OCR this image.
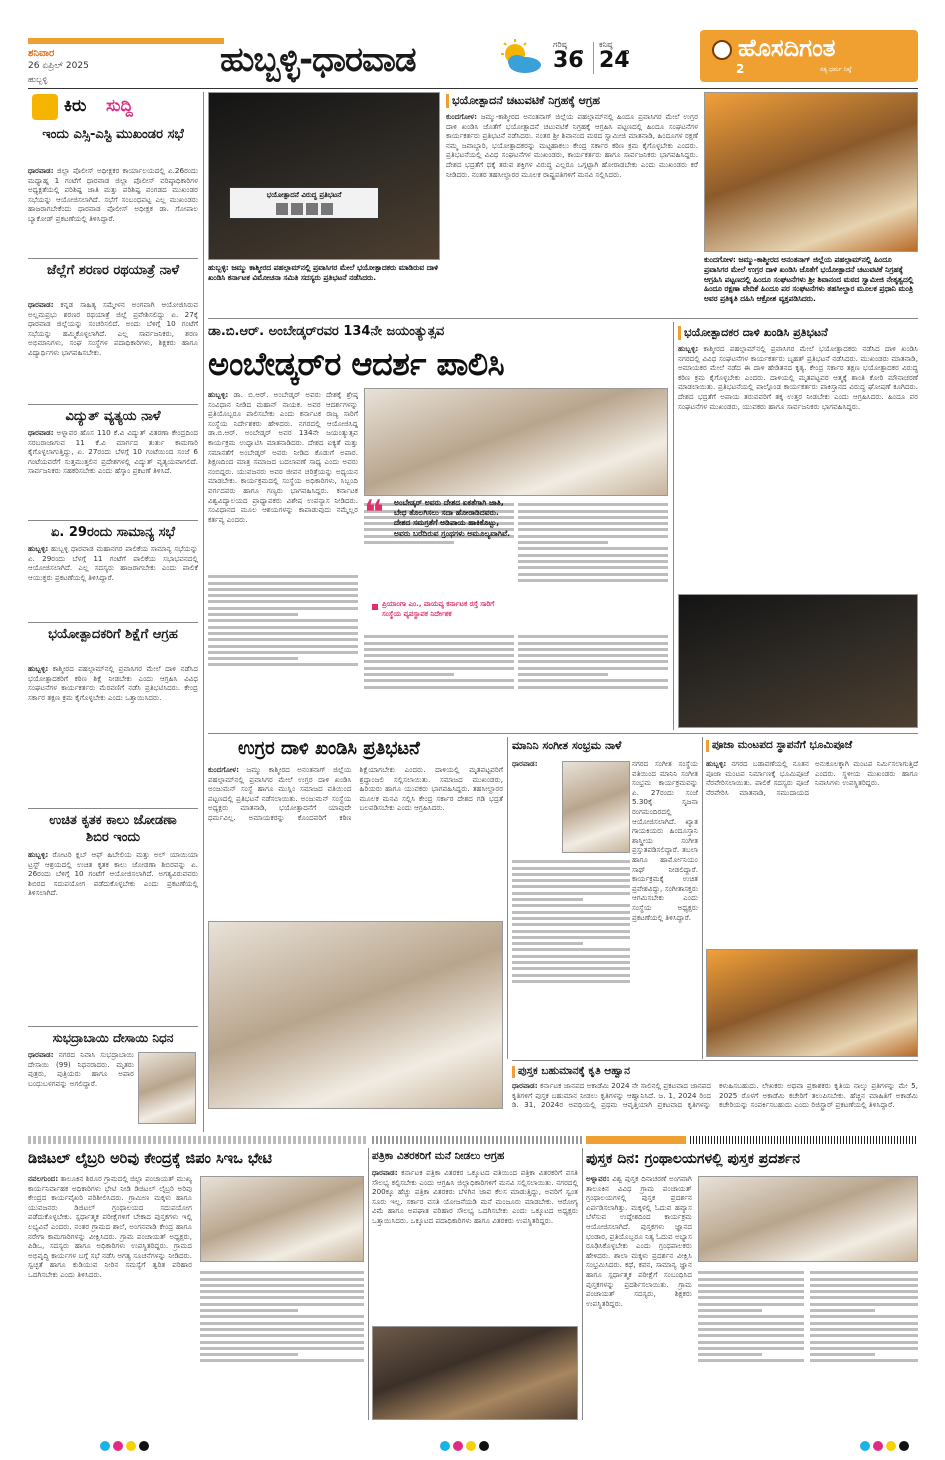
ಶನಿವಾರ
26 ಏಪ್ರಿಲ್ 2025
ಹುಬ್ಬಳ್ಳಿ	ಹುಬ್ಬಳ್ಳಿ-ಧಾರವಾಡ	ಗರಿಷ್ಠ
36
ಕನಿಷ್ಠ
24	ಹೊಸದಿಗಂತ
2	ಸತ್ಯ ಧರ್ಮ ನಿಷ್ಠೆ
ಕಿರು ಸುದ್ದಿ
ಇಂದು ಎಸ್ಸಿ-ಎಸ್ಟಿ ಮುಖಂಡರ ಸಭೆ
ಧಾರವಾಡ: ಜಿಲ್ಲಾ ಪೊಲೀಸ್ ಅಧೀಕ್ಷಕರ ಕಾರ್ಯಾಲಯದಲ್ಲಿ ಏ.26ರಂದು ಮಧ್ಯಾಹ್ನ 1 ಗಂಟೆಗೆ ಧಾರವಾಡ ಜಿಲ್ಲಾ ಪೊಲೀಸ್ ವರಿಷ್ಠಾಧಿಕಾರಿಗಳ ಅಧ್ಯಕ್ಷತೆಯಲ್ಲಿ ಪರಿಶಿಷ್ಟ ಜಾತಿ ಮತ್ತು ಪರಿಶಿಷ್ಟ ಪಂಗಡದ ಮುಖಂಡರ ಸಭೆಯನ್ನು ಆಯೋಜಿಸಲಾಗಿದೆ. ಸಭೆಗೆ ಸಂಬಂಧಪಟ್ಟ ಎಲ್ಲ ಮುಖಂಡರು ಹಾಜರಾಗಬೇಕೆಂದು ಧಾರವಾಡ ಪೊಲೀಸ್ ಅಧೀಕ್ಷಕ ಡಾ. ಗೋಪಾಲ ಬ್ಯಾಕೋಡ್ ಪ್ರಕಟಣೆಯಲ್ಲಿ ತಿಳಿಸಿದ್ದಾರೆ.
ಜೆಲ್ಲೆಗೆ ಶರಣರ ರಥಯಾತ್ರೆ ನಾಳೆ
ಧಾರವಾಡ: ಕನ್ನಡ ಸಾಹಿತ್ಯ ಸಮ್ಮೇಳನ ಅಂಗವಾಗಿ ಆಯೋಜಿಸಿರುವ ಅಲ್ಲಮಪ್ರಭು ಶರಣರ ರಥಯಾತ್ರೆ ಜಿಲ್ಲೆ ಪ್ರವೇಶಿಸಲಿದ್ದು ಏ. 27ಕ್ಕೆ ಧಾರವಾಡ ಜಿಲ್ಲೆಯನ್ನು ಸಂಚರಿಸಲಿದೆ. ಅಂದು ಬೆಳಿಗ್ಗೆ 10 ಗಂಟೆಗೆ ಸಭೆಯನ್ನು ಹಮ್ಮಿಕೊಳ್ಳಲಾಗಿದೆ. ಎಲ್ಲ ಸಾರ್ವಜನಿಕರು, ಶರಣ ಅಭಿಮಾನಿಗಳು, ಸಂಘ ಸಂಸ್ಥೆಗಳ ಪದಾಧಿಕಾರಿಗಳು, ಶಿಕ್ಷಕರು ಹಾಗೂ ವಿದ್ಯಾರ್ಥಿಗಳು ಭಾಗವಹಿಸಬೇಕು.
ವಿದ್ಯುತ್ ವ್ಯತ್ಯಯ ನಾಳೆ
ಧಾರವಾಡ: ಅಳ್ನಾವರ ಹೊಸ 110 ಕೆ.ವಿ ವಿದ್ಯುತ್ ವಿತರಣಾ ಕೇಂದ್ರದಿಂದ ಸರಬರಾಜಾಗುವ 11 ಕೆ.ವಿ ಮಾರ್ಗದ ತುರ್ತು ಕಾಮಗಾರಿ ಕೈಗೊಳ್ಳಲಾಗುತ್ತಿದ್ದು, ಏ. 27ರಂದು ಬೆಳಗ್ಗೆ 10 ಗಂಟೆಯಿಂದ ಸಂಜೆ 6 ಗಂಟೆಯವರೆಗೆ ಸುತ್ತಮುತ್ತಲಿನ ಪ್ರದೇಶಗಳಲ್ಲಿ ವಿದ್ಯುತ್ ವ್ಯತ್ಯಯವಾಗಲಿದೆ. ಸಾರ್ವಜನಿಕರು ಸಹಕರಿಸಬೇಕು ಎಂದು ಹೆಸ್ಕಾಂ ಪ್ರಕಟಣೆ ತಿಳಿಸಿದೆ.
ಏ. 29ರಂದು ಸಾಮಾನ್ಯ ಸಭೆ
ಹುಬ್ಬಳ್ಳಿ: ಹುಬ್ಬಳ್ಳಿ ಧಾರವಾಡ ಮಹಾನಗರ ಪಾಲಿಕೆಯ ಸಾಮಾನ್ಯ ಸಭೆಯನ್ನು ಏ. 29ರಂದು ಬೆಳಗ್ಗೆ 11 ಗಂಟೆಗೆ ಪಾಲಿಕೆಯ ಸಭಾಭವನದಲ್ಲಿ ಆಯೋಜಿಸಲಾಗಿದೆ. ಎಲ್ಲ ಸದಸ್ಯರು ಹಾಜರಾಗಬೇಕು ಎಂದು ಪಾಲಿಕೆ ಆಯುಕ್ತರು ಪ್ರಕಟಣೆಯಲ್ಲಿ ತಿಳಿಸಿದ್ದಾರೆ.
ಭಯೋತ್ಪಾದಕರಿಗೆ ಶಿಕ್ಷೆಗೆ ಆಗ್ರಹ
ಹುಬ್ಬಳ್ಳಿ: ಕಾಶ್ಮೀರದ ಪಹಲ್ಗಾಮ್‌ನಲ್ಲಿ ಪ್ರವಾಸಿಗರ ಮೇಲೆ ದಾಳಿ ನಡೆಸಿದ ಭಯೋತ್ಪಾದಕರಿಗೆ ಕಠಿಣ ಶಿಕ್ಷೆ ನೀಡಬೇಕು ಎಂದು ಆಗ್ರಹಿಸಿ ವಿವಿಧ ಸಂಘಟನೆಗಳ ಕಾರ್ಯಕರ್ತರು ಮೆರವಣಿಗೆ ನಡೆಸಿ ಪ್ರತಿಭಟಿಸಿದರು. ಕೇಂದ್ರ ಸರ್ಕಾರ ತಕ್ಷಣ ಕ್ರಮ ಕೈಗೊಳ್ಳಬೇಕು ಎಂದು ಒತ್ತಾಯಿಸಿದರು.
ಉಚಿತ ಕೃತಕ ಕಾಲು ಜೋಡಣಾ ಶಿಬಿರ ಇಂದು
ಹುಬ್ಬಳ್ಳಿ: ರೋಟರಿ ಕ್ಲಬ್ ಆಫ್ ಹಿಬೇಲಿಯ ಮತ್ತು ಅಲ್ ಯಾಯಿಯಾ ಟ್ರಸ್ಟ್ ಆಶ್ರಯದಲ್ಲಿ ಉಚಿತ ಕೃತಕ ಕಾಲು ಜೋಡಣಾ ಶಿಬಿರವನ್ನು ಏ. 26ರಂದು ಬೆಳಿಗ್ಗೆ 10 ಗಂಟೆಗೆ ಆಯೋಜಿಸಲಾಗಿದೆ. ಅಗತ್ಯವಿರುವವರು ಶಿಬಿರದ ಸದುಪಯೋಗ ಪಡೆದುಕೊಳ್ಳಬೇಕು ಎಂದು ಪ್ರಕಟಣೆಯಲ್ಲಿ ತಿಳಿಸಲಾಗಿದೆ.
ಸುಭದ್ರಾಬಾಯಿ ದೇಸಾಯಿ ನಿಧನ
ಧಾರವಾಡ: ನಗರದ ನಿವಾಸಿ ಸುಭದ್ರಾಬಾಯಿ ದೇಸಾಯಿ (99) ನಿಧನರಾದರು. ಮೃತರು ಪುತ್ರರು, ಪುತ್ರಿಯರು ಹಾಗೂ ಅಪಾರ ಬಂಧುಬಳಗವನ್ನು ಅಗಲಿದ್ದಾರೆ.
ಭಯೋತ್ಪಾದನೆ ವಿರುದ್ಧ ಪ್ರತಿಭಟನೆ
ಹುಬ್ಬಳ್ಳಿ: ಜಮ್ಮು ಕಾಶ್ಮೀರದ ಪಹಲ್ಗಾಮ್‌ನಲ್ಲಿ ಪ್ರವಾಸಿಗರ ಮೇಲೆ ಭಯೋತ್ಪಾದಕರು ಮಾಡಿರುವ ದಾಳಿ ಖಂಡಿಸಿ ಕರ್ನಾಟಕ ವಿಮೋಚನಾ ಸಮಿತಿ ಸದಸ್ಯರು ಪ್ರತಿಭಟನೆ ನಡೆಸಿದರು.
ಭಯೋತ್ಪಾದನೆ ಚಟುವಟಿಕೆ ನಿಗ್ರಹಕ್ಕೆ ಆಗ್ರಹ
ಕುಂದಗೋಳ: ಜಮ್ಮು-ಕಾಶ್ಮೀರದ ಅನಂತನಾಗ್ ಜಿಲ್ಲೆಯ ಪಹಲ್ಗಾಮ್‌ನಲ್ಲಿ ಹಿಂದೂ ಪ್ರವಾಸಿಗರ ಮೇಲೆ ಉಗ್ರರ ದಾಳಿ ಖಂಡಿಸಿ ಜೊತೆಗೆ ಭಯೋತ್ಪಾದನೆ ಚಟುವಟಿಕೆ ನಿಗ್ರಹಕ್ಕೆ ಆಗ್ರಹಿಸಿ ಪಟ್ಟಣದಲ್ಲಿ ಹಿಂದೂ ಸಂಘಟನೆಗಳ ಕಾರ್ಯಕರ್ತರು ಪ್ರತಿಭಟನೆ ನಡೆಸಿದರು. ನಂತರ ಶ್ರೀ ಶಿವಾನಂದ ಮಠದ ಸ್ವಾಮೀಜಿ ಮಾತನಾಡಿ, ಹಿಂದೂಗಳ ರಕ್ಷಣೆ ನಮ್ಮ ಜವಾಬ್ದಾರಿ, ಭಯೋತ್ಪಾದಕರನ್ನು ಮಟ್ಟಹಾಕಲು ಕೇಂದ್ರ ಸರ್ಕಾರ ಕಠಿಣ ಕ್ರಮ ಕೈಗೊಳ್ಳಬೇಕು ಎಂದರು. ಪ್ರತಿಭಟನೆಯಲ್ಲಿ ವಿವಿಧ ಸಂಘಟನೆಗಳ ಮುಖಂಡರು, ಕಾರ್ಯಕರ್ತರು ಹಾಗೂ ಸಾರ್ವಜನಿಕರು ಭಾಗವಹಿಸಿದ್ದರು. ದೇಶದ ಭದ್ರತೆಗೆ ಧಕ್ಕೆ ತರುವ ಶಕ್ತಿಗಳ ವಿರುದ್ಧ ಎಲ್ಲರೂ ಒಗ್ಗಟ್ಟಾಗಿ ಹೋರಾಡಬೇಕು ಎಂದು ಮುಖಂಡರು ಕರೆ ನೀಡಿದರು. ನಂತರ ತಹಸೀಲ್ದಾರರ ಮೂಲಕ ರಾಷ್ಟ್ರಪತಿಗಳಿಗೆ ಮನವಿ ಸಲ್ಲಿಸಿದರು.
ಕುಂದಗೋಳ: ಜಮ್ಮು-ಕಾಶ್ಮೀರದ ಅನಂತನಾಗ್ ಜಿಲ್ಲೆಯ ಪಹಲ್ಗಾಮ್‌ನಲ್ಲಿ ಹಿಂದೂ ಪ್ರವಾಸಿಗರ ಮೇಲೆ ಉಗ್ರರ ದಾಳಿ ಖಂಡಿಸಿ ಜೊತೆಗೆ ಭಯೋತ್ಪಾದನೆ ಚಟುವಟಿಕೆ ನಿಗ್ರಹಕ್ಕೆ ಆಗ್ರಹಿಸಿ ಪಟ್ಟಣದಲ್ಲಿ ಹಿಂದೂ ಸಂಘಟನೆಗಳು ಶ್ರೀ ಶಿವಾನಂದ ಮಠದ ಸ್ವಾಮೀಜಿ ನೇತೃತ್ವದಲ್ಲಿ ಹಿಂದೂ ರಕ್ಷಣಾ ವೇದಿಕೆ ಹಿಂದೂ ಪರ ಸಂಘಟನೆಗಳು ತಹಸೀಲ್ದಾರ ಮೂಲಕ ಪ್ರಧಾನಿ ಮಂತ್ರಿ ಅವರ ಪ್ರತಿಕೃತಿ ದಹಿಸಿ ಆಕ್ರೋಶ ವ್ಯಕ್ತಪಡಿಸಿದರು.
ಡಾ.ಬಿ.ಆರ್. ಅಂಬೇಡ್ಕರ್‌ರವರ 134ನೇ ಜಯಂತ್ಯುತ್ಸವ
ಅಂಬೇಡ್ಕರ್‌ರ ಆದರ್ಶ ಪಾಲಿಸಿ
ಹುಬ್ಬಳ್ಳಿ: ಡಾ. ಬಿ.ಆರ್. ಅಂಬೇಡ್ಕರ್ ಅವರು ದೇಶಕ್ಕೆ ಶ್ರೇಷ್ಠ ಸಂವಿಧಾನ ನೀಡಿದ ಮಹಾನ್ ನಾಯಕ. ಅವರ ಆದರ್ಶಗಳನ್ನು ಪ್ರತಿಯೊಬ್ಬರೂ ಪಾಲಿಸಬೇಕು ಎಂದು ಕರ್ನಾಟಕ ರಾಜ್ಯ ಸಾರಿಗೆ ಸಂಸ್ಥೆಯ ನಿರ್ದೇಶಕರು ಹೇಳಿದರು. ನಗರದಲ್ಲಿ ಆಯೋಜಿಸಿದ್ದ ಡಾ.ಬಿ.ಆರ್. ಅಂಬೇಡ್ಕರ್ ಅವರ 134ನೇ ಜಯಂತ್ಯುತ್ಸವ ಕಾರ್ಯಕ್ರಮ ಉದ್ಘಾಟಿಸಿ ಮಾತನಾಡಿದರು. ದೇಶದ ಐಕ್ಯತೆ ಮತ್ತು ಸಮಾನತೆಗೆ ಅಂಬೇಡ್ಕರ್ ಅವರು ನೀಡಿದ ಕೊಡುಗೆ ಅಪಾರ. ಶಿಕ್ಷಣದಿಂದ ಮಾತ್ರ ಸಮಾಜದ ಬದಲಾವಣೆ ಸಾಧ್ಯ ಎಂದು ಅವರು ನಂಬಿದ್ದರು. ಯುವಜನರು ಅವರ ಜೀವನ ಚರಿತ್ರೆಯನ್ನು ಅಧ್ಯಯನ ಮಾಡಬೇಕು. ಕಾರ್ಯಕ್ರಮದಲ್ಲಿ ಸಂಸ್ಥೆಯ ಅಧಿಕಾರಿಗಳು, ಸಿಬ್ಬಂದಿ ವರ್ಗದವರು ಹಾಗೂ ಗಣ್ಯರು ಭಾಗವಹಿಸಿದ್ದರು. ಕರ್ನಾಟಕ ವಿಶ್ವವಿದ್ಯಾಲಯದ ಪ್ರಾಧ್ಯಾಪಕರು ವಿಶೇಷ ಉಪನ್ಯಾಸ ನೀಡಿದರು. ಸಂವಿಧಾನದ ಮೂಲ ಆಶಯಗಳನ್ನು ಕಾಪಾಡುವುದು ನಮ್ಮೆಲ್ಲರ ಕರ್ತವ್ಯ ಎಂದರು.	❝ ಅಂಬೇಡ್ಕರ್ ಅವರು ದೇಶದ ಏಕತೆಗಾಗಿ ಜಾತಿ, ಬೇಧ ತೊಲಗಿಸಲು ಸದಾ ಹೋರಾಡಿದವರು. ದೇಶದ ಸಮಗ್ರತೆಗೆ ಅಡಿಪಾಯ ಹಾಕಿಕೊಟ್ಟು, ಅವರು ಬರೆದಿರುವ ಗ್ರಂಥಗಳು ಅಮೂಲ್ಯವಾಗಿವೆ.
ಪ್ರಿಯಾಂಗಾ ಎಂ., ವಾಯವ್ಯ ಕರ್ನಾಟಕ ರಸ್ತೆ ಸಾರಿಗೆ ಸಂಸ್ಥೆಯ ವ್ಯವಸ್ಥಾಪಕ ನಿರ್ದೇಶಕ
ಭಯೋತ್ಪಾದಕರ ದಾಳಿ ಖಂಡಿಸಿ ಪ್ರತಿಭಟನೆ
ಹುಬ್ಬಳ್ಳಿ: ಕಾಶ್ಮೀರದ ಪಹಲ್ಗಾಮ್‌ನಲ್ಲಿ ಪ್ರವಾಸಿಗರ ಮೇಲೆ ಭಯೋತ್ಪಾದಕರು ನಡೆಸಿದ ದಾಳಿ ಖಂಡಿಸಿ ನಗರದಲ್ಲಿ ವಿವಿಧ ಸಂಘಟನೆಗಳ ಕಾರ್ಯಕರ್ತರು ಬೃಹತ್ ಪ್ರತಿಭಟನೆ ನಡೆಸಿದರು. ಮುಖಂಡರು ಮಾತನಾಡಿ, ಅಮಾಯಕರ ಮೇಲೆ ನಡೆದ ಈ ದಾಳಿ ಹೇಡಿತನದ ಕೃತ್ಯ. ಕೇಂದ್ರ ಸರ್ಕಾರ ತಕ್ಷಣ ಭಯೋತ್ಪಾದಕರ ವಿರುದ್ಧ ಕಠಿಣ ಕ್ರಮ ಕೈಗೊಳ್ಳಬೇಕು ಎಂದರು. ದಾಳಿಯಲ್ಲಿ ಮೃತಪಟ್ಟವರ ಆತ್ಮಕ್ಕೆ ಶಾಂತಿ ಕೋರಿ ಮೌನಾಚರಣೆ ಮಾಡಲಾಯಿತು. ಪ್ರತಿಭಟನೆಯಲ್ಲಿ ಪಾಲ್ಗೊಂಡ ಕಾರ್ಯಕರ್ತರು ಪಾಕಿಸ್ತಾನದ ವಿರುದ್ಧ ಘೋಷಣೆ ಕೂಗಿದರು. ದೇಶದ ಭದ್ರತೆಗೆ ಅಪಾಯ ತರುವವರಿಗೆ ತಕ್ಕ ಉತ್ತರ ನೀಡಬೇಕು ಎಂದು ಆಗ್ರಹಿಸಿದರು. ಹಿಂದೂ ಪರ ಸಂಘಟನೆಗಳ ಮುಖಂಡರು, ಯುವಕರು ಹಾಗೂ ಸಾರ್ವಜನಿಕರು ಭಾಗವಹಿಸಿದ್ದರು.
ಉಗ್ರರ ದಾಳಿ ಖಂಡಿಸಿ ಪ್ರತಿಭಟನೆ
ಕುಂದಗೋಳ: ಜಮ್ಮು ಕಾಶ್ಮೀರದ ಅನಂತನಾಗ್ ಜಿಲ್ಲೆಯ ಪಹಲ್ಗಾಮ್‌ನಲ್ಲಿ ಪ್ರವಾಸಿಗರ ಮೇಲೆ ಉಗ್ರರ ದಾಳಿ ಖಂಡಿಸಿ ಅಂಜುಮನ್ ಸಂಸ್ಥೆ ಹಾಗೂ ಮುಸ್ಲಿಂ ಸಮಾಜದ ವತಿಯಿಂದ ಪಟ್ಟಣದಲ್ಲಿ ಪ್ರತಿಭಟನೆ ನಡೆಸಲಾಯಿತು. ಅಂಜುಮನ್ ಸಂಸ್ಥೆಯ ಅಧ್ಯಕ್ಷರು ಮಾತನಾಡಿ, ಭಯೋತ್ಪಾದನೆಗೆ ಯಾವುದೇ ಧರ್ಮವಿಲ್ಲ. ಅಮಾಯಕರನ್ನು ಕೊಂದವರಿಗೆ ಕಠಿಣ ಶಿಕ್ಷೆಯಾಗಬೇಕು ಎಂದರು. ದಾಳಿಯಲ್ಲಿ ಮೃತಪಟ್ಟವರಿಗೆ ಶ್ರದ್ಧಾಂಜಲಿ ಸಲ್ಲಿಸಲಾಯಿತು. ಸಮಾಜದ ಮುಖಂಡರು, ಹಿರಿಯರು ಹಾಗೂ ಯುವಕರು ಭಾಗವಹಿಸಿದ್ದರು. ತಹಸೀಲ್ದಾರರ ಮೂಲಕ ಮನವಿ ಸಲ್ಲಿಸಿ ಕೇಂದ್ರ ಸರ್ಕಾರ ದೇಶದ ಗಡಿ ಭದ್ರತೆ ಬಲಪಡಿಸಬೇಕು ಎಂದು ಆಗ್ರಹಿಸಿದರು.
ಮಾನಿನಿ ಸಂಗೀತ ಸಂಭ್ರಮ ನಾಳೆ
ಧಾರವಾಡ:	ನಗರದ ಸಂಗೀತ ಸಂಸ್ಥೆಯ ವತಿಯಿಂದ ಮಾನಿನಿ ಸಂಗೀತ ಸಂಭ್ರಮ ಕಾರ್ಯಕ್ರಮವನ್ನು ಏ. 27ರಂದು ಸಂಜೆ 5.30ಕ್ಕೆ ಸೃಜನಾ ರಂಗಮಂದಿರದಲ್ಲಿ ಆಯೋಜಿಸಲಾಗಿದೆ. ಖ್ಯಾತ ಗಾಯಕಿಯರು ಹಿಂದೂಸ್ತಾನಿ ಶಾಸ್ತ್ರೀಯ ಸಂಗೀತ ಪ್ರಸ್ತುತಪಡಿಸಲಿದ್ದಾರೆ. ತಬಲಾ ಹಾಗೂ ಹಾರ್ಮೋನಿಯಂ ಸಾಥ್ ನೀಡಲಿದ್ದಾರೆ. ಕಾರ್ಯಕ್ರಮಕ್ಕೆ ಉಚಿತ ಪ್ರವೇಶವಿದ್ದು, ಸಂಗೀತಾಸಕ್ತರು ಆಗಮಿಸಬೇಕು ಎಂದು ಸಂಸ್ಥೆಯ ಅಧ್ಯಕ್ಷರು ಪ್ರಕಟಣೆಯಲ್ಲಿ ತಿಳಿಸಿದ್ದಾರೆ.
ಪೂಜಾ ಮಂಟಪದ ಸ್ಥಾಪನೆಗೆ ಭೂಮಿಪೂಜೆ
ಹುಬ್ಬಳ್ಳಿ: ನಗರದ ಬಡಾವಣೆಯಲ್ಲಿ ನೂತನ ಪೂಜಾ ಮಂಟಪ ನಿರ್ಮಾಣಕ್ಕೆ ಭೂಮಿಪೂಜೆ ನೆರವೇರಿಸಲಾಯಿತು. ಪಾಲಿಕೆ ಸದಸ್ಯರು ಪೂಜೆ ನೆರವೇರಿಸಿ ಮಾತನಾಡಿ, ಸಮುದಾಯದ ಅನುಕೂಲಕ್ಕಾಗಿ ಮಂಟಪ ನಿರ್ಮಿಸಲಾಗುತ್ತಿದೆ ಎಂದರು. ಸ್ಥಳೀಯ ಮುಖಂಡರು ಹಾಗೂ ನಿವಾಸಿಗಳು ಉಪಸ್ಥಿತರಿದ್ದರು.
ಪುಸ್ತಕ ಬಹುಮಾನಕ್ಕೆ ಕೃತಿ ಆಹ್ವಾನ
ಧಾರವಾಡ: ಕರ್ನಾಟಕ ಜಾನಪದ ಅಕಾಡೆಮಿ 2024 ನೇ ಸಾಲಿನಲ್ಲಿ ಪ್ರಕಟವಾದ ಜಾನಪದ ಕೃತಿಗಳಿಗೆ ಪುಸ್ತಕ ಬಹುಮಾನ ನೀಡಲು ಕೃತಿಗಳನ್ನು ಆಹ್ವಾನಿಸಿದೆ. ಜ. 1, 2024 ರಿಂದ ಡಿ. 31, 2024ರ ಅವಧಿಯಲ್ಲಿ ಪ್ರಥಮ ಆವೃತ್ತಿಯಾಗಿ ಪ್ರಕಟವಾದ ಕೃತಿಗಳನ್ನು ಕಳುಹಿಸಬಹುದು. ಲೇಖಕರು ಅಥವಾ ಪ್ರಕಾಶಕರು ಕೃತಿಯ ನಾಲ್ಕು ಪ್ರತಿಗಳನ್ನು ಮೇ 5, 2025 ರೊಳಗೆ ಅಕಾಡೆಮಿ ಕಚೇರಿಗೆ ತಲುಪಿಸಬೇಕು. ಹೆಚ್ಚಿನ ಮಾಹಿತಿಗೆ ಅಕಾಡೆಮಿ ಕಚೇರಿಯನ್ನು ಸಂಪರ್ಕಿಸಬಹುದು ಎಂದು ರಿಜಿಸ್ಟ್ರಾರ್ ಪ್ರಕಟಣೆಯಲ್ಲಿ ತಿಳಿಸಿದ್ದಾರೆ.
ಡಿಜಿಟಲ್ ಲೈಬ್ರರಿ ಅರಿವು ಕೇಂದ್ರಕ್ಕೆ ಜಿಪಂ ಸಿಇಒ ಭೇಟಿ
ನವಲಗುಂದ: ತಾಲೂಕಿನ ಶಿರೂರ ಗ್ರಾಮದಲ್ಲಿ ಜಿಲ್ಲಾ ಪಂಚಾಯತ್ ಮುಖ್ಯ ಕಾರ್ಯನಿರ್ವಾಹಕ ಅಧಿಕಾರಿಗಳು ಭೇಟಿ ನೀಡಿ ಡಿಜಿಟಲ್ ಲೈಬ್ರರಿ ಅರಿವು ಕೇಂದ್ರದ ಕಾರ್ಯವೈಖರಿ ಪರಿಶೀಲಿಸಿದರು. ಗ್ರಾಮೀಣ ಮಕ್ಕಳು ಹಾಗೂ ಯುವಜನರು ಡಿಜಿಟಲ್ ಗ್ರಂಥಾಲಯದ ಸದುಪಯೋಗ ಪಡೆದುಕೊಳ್ಳಬೇಕು. ಸ್ಪರ್ಧಾತ್ಮಕ ಪರೀಕ್ಷೆಗಳಿಗೆ ಬೇಕಾದ ಪುಸ್ತಕಗಳು ಇಲ್ಲಿ ಲಭ್ಯವಿವೆ ಎಂದರು. ನಂತರ ಗ್ರಾಮದ ಶಾಲೆ, ಅಂಗನವಾಡಿ ಕೇಂದ್ರ ಹಾಗೂ ನರೇಗಾ ಕಾಮಗಾರಿಗಳನ್ನು ವೀಕ್ಷಿಸಿದರು. ಗ್ರಾಮ ಪಂಚಾಯತ್ ಅಧ್ಯಕ್ಷರು, ಪಿಡಿಒ, ಸದಸ್ಯರು ಹಾಗೂ ಅಧಿಕಾರಿಗಳು ಉಪಸ್ಥಿತರಿದ್ದರು. ಗ್ರಾಮದ ಅಭಿವೃದ್ಧಿ ಕಾರ್ಯಗಳ ಬಗ್ಗೆ ಸಭೆ ನಡೆಸಿ ಅಗತ್ಯ ಸೂಚನೆಗಳನ್ನು ನೀಡಿದರು. ಸ್ವಚ್ಛತೆ ಹಾಗೂ ಕುಡಿಯುವ ನೀರಿನ ಸಮಸ್ಯೆಗೆ ತ್ವರಿತ ಪರಿಹಾರ ಒದಗಿಸಬೇಕು ಎಂದು ತಿಳಿಸಿದರು.
ಪತ್ರಿಕಾ ವಿತರಕರಿಗೆ ಮನೆ ನೀಡಲು ಆಗ್ರಹ
ಧಾರವಾಡ: ಕರ್ನಾಟಕ ಪತ್ರಿಕಾ ವಿತರಕರ ಒಕ್ಕೂಟದ ವತಿಯಿಂದ ಪತ್ರಿಕಾ ವಿತರಕರಿಗೆ ವಸತಿ ಸೌಲಭ್ಯ ಕಲ್ಪಿಸಬೇಕು ಎಂದು ಆಗ್ರಹಿಸಿ ಜಿಲ್ಲಾಧಿಕಾರಿಗಳಿಗೆ ಮನವಿ ಸಲ್ಲಿಸಲಾಯಿತು. ನಗರದಲ್ಲಿ 200ಕ್ಕೂ ಹೆಚ್ಚು ಪತ್ರಿಕಾ ವಿತರಕರು ಬೆಳಗಿನ ಜಾವ ಕೆಲಸ ಮಾಡುತ್ತಿದ್ದು, ಅವರಿಗೆ ಸ್ವಂತ ಸೂರು ಇಲ್ಲ. ಸರ್ಕಾರ ವಸತಿ ಯೋಜನೆಯಡಿ ಮನೆ ಮಂಜೂರು ಮಾಡಬೇಕು. ಆರೋಗ್ಯ ವಿಮೆ ಹಾಗೂ ಅಪಘಾತ ಪರಿಹಾರ ಸೌಲಭ್ಯ ಒದಗಿಸಬೇಕು ಎಂದು ಒಕ್ಕೂಟದ ಅಧ್ಯಕ್ಷರು ಒತ್ತಾಯಿಸಿದರು. ಒಕ್ಕೂಟದ ಪದಾಧಿಕಾರಿಗಳು ಹಾಗೂ ವಿತರಕರು ಉಪಸ್ಥಿತರಿದ್ದರು.
ಪುಸ್ತಕ ದಿನ: ಗ್ರಂಥಾಲಯಗಳಲ್ಲಿ ಪುಸ್ತಕ ಪ್ರದರ್ಶನ
ಅಳ್ನಾವರ: ವಿಶ್ವ ಪುಸ್ತಕ ದಿನಾಚರಣೆ ಅಂಗವಾಗಿ ತಾಲೂಕಿನ ವಿವಿಧ ಗ್ರಾಮ ಪಂಚಾಯತ್ ಗ್ರಂಥಾಲಯಗಳಲ್ಲಿ ಪುಸ್ತಕ ಪ್ರದರ್ಶನ ಏರ್ಪಡಿಸಲಾಗಿತ್ತು. ಮಕ್ಕಳಲ್ಲಿ ಓದುವ ಹವ್ಯಾಸ ಬೆಳೆಸುವ ಉದ್ದೇಶದಿಂದ ಕಾರ್ಯಕ್ರಮ ಆಯೋಜಿಸಲಾಗಿದೆ. ಪುಸ್ತಕಗಳು ಜ್ಞಾನದ ಭಂಡಾರ, ಪ್ರತಿಯೊಬ್ಬರೂ ನಿತ್ಯ ಓದುವ ಅಭ್ಯಾಸ ರೂಢಿಸಿಕೊಳ್ಳಬೇಕು ಎಂದು ಗ್ರಂಥಪಾಲಕರು ಹೇಳಿದರು. ಶಾಲಾ ಮಕ್ಕಳು ಪ್ರದರ್ಶನ ವೀಕ್ಷಿಸಿ ಸಂಭ್ರಮಿಸಿದರು. ಕಥೆ, ಕವನ, ಸಾಮಾನ್ಯ ಜ್ಞಾನ ಹಾಗೂ ಸ್ಪರ್ಧಾತ್ಮಕ ಪರೀಕ್ಷೆಗೆ ಸಂಬಂಧಿಸಿದ ಪುಸ್ತಕಗಳನ್ನು ಪ್ರದರ್ಶಿಸಲಾಯಿತು. ಗ್ರಾಮ ಪಂಚಾಯತ್ ಸದಸ್ಯರು, ಶಿಕ್ಷಕರು ಉಪಸ್ಥಿತರಿದ್ದರು.
